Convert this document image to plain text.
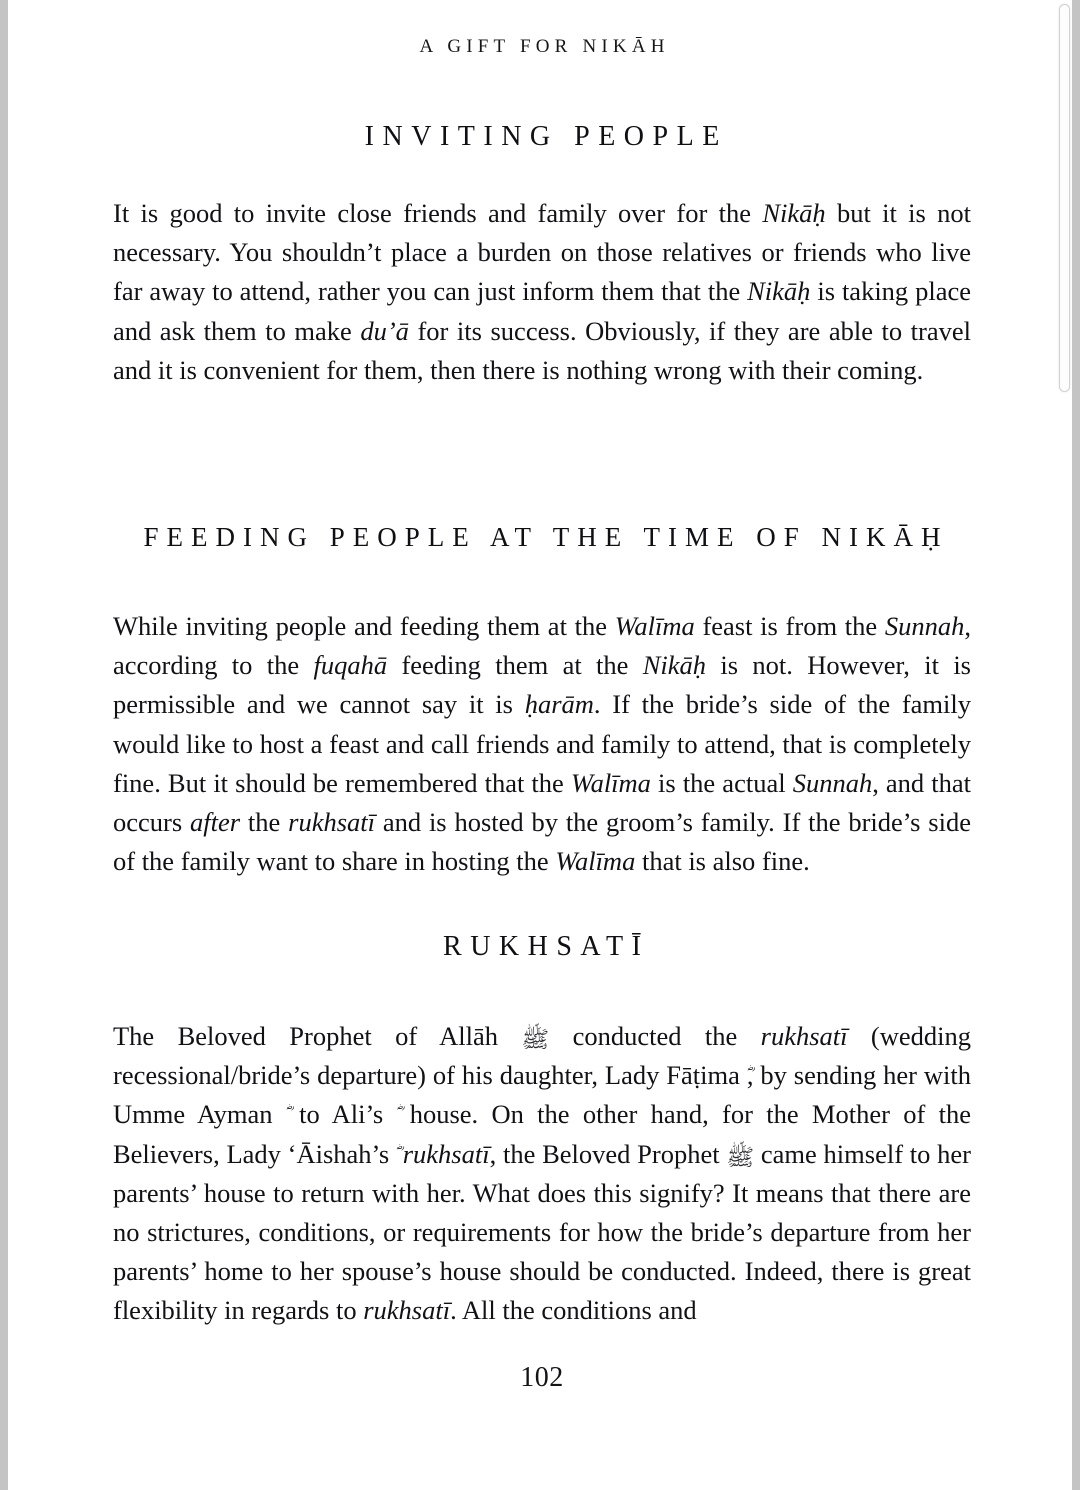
A GIFT FOR NIKĀH
INVITING PEOPLE

It is good to invite close friends and family over for the Nikāḥ but it is not necessary. You shouldn’t place a burden on those relatives or friends who live far away to attend, rather you can just inform them that the Nikāḥ is taking place and ask them to make du’ā for its success. Obviously, if they are able to travel and it is convenient for them, then there is nothing wrong with their coming.

FEEDING PEOPLE AT THE TIME OF NIKĀḤ

While inviting people and feeding them at the Walīma feast is from the Sunnah, according to the fuqahā feeding them at the Nikāḥ is not. However, it is permissible and we cannot say it is ḥarām. If the bride’s side of the family would like to host a feast and call friends and family to attend, that is completely fine. But it should be remembered that the Walīma is the actual Sunnah, and that occurs after the rukhsatī and is hosted by the groom’s family. If the bride’s side of the family want to share in hosting the Walīma that is also fine.

RUKHSATĪ

The Beloved Prophet of Allāh ﷺ conducted the rukhsatī (wedding recessional/bride’s departure) of his daughter, Lady Fāṭima , by sending her with Umme Ayman  to Ali’s  house. On the other hand, for the Mother of the Believers, Lady ‘Āishah’s  rukhsatī, the Beloved Prophet ﷺ came himself to her parents’ house to return with her. What does this signify? It means that there are no strictures, conditions, or requirements for how the bride’s departure from her parents’ home to her spouse’s house should be conducted. Indeed, there is great flexibility in regards to rukhsatī. All the conditions and

102
